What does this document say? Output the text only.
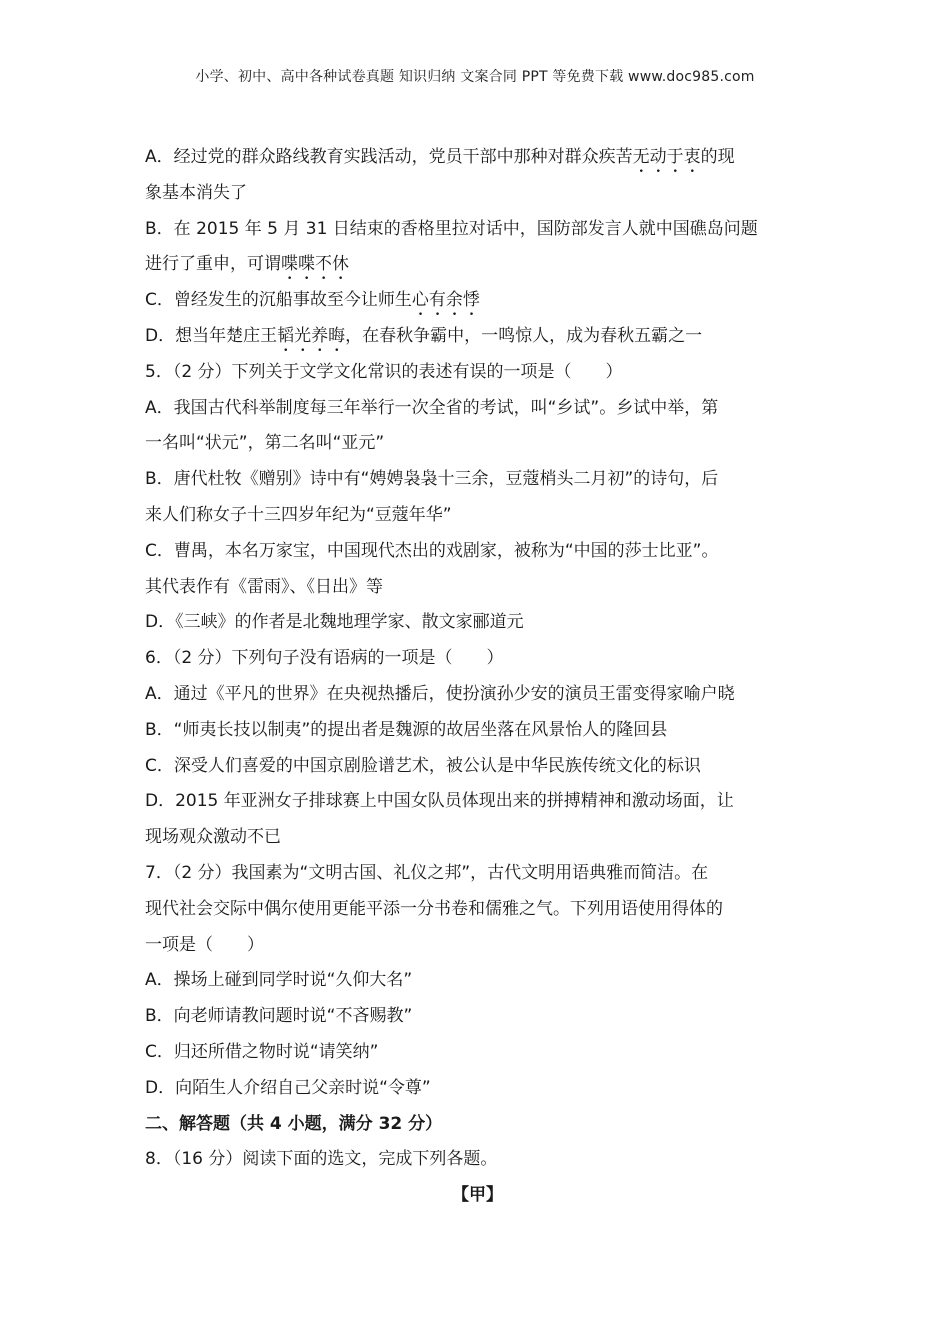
小学、初中、高中各种试卷真题 知识归纳 文案合同 PPT 等免费下载 www.doc985.com
A．经过党的群众路线教育实践活动，党员干部中那种对群众疾苦无动于衷的现
象基本消失了
B．在 2015 年 5 月 31 日结束的香格里拉对话中，国防部发言人就中国礁岛问题
进行了重申，可谓喋喋不休
C．曾经发生的沉船事故至今让师生心有余悸
D．想当年楚庄王韬光养晦，在春秋争霸中，一鸣惊人，成为春秋五霸之一
5．（2 分）下列关于文学文化常识的表述有误的一项是（　　）
A．我国古代科举制度每三年举行一次全省的考试，叫“乡试”。乡试中举，第
一名叫“状元”，第二名叫“亚元”
B．唐代杜牧《赠别》诗中有“娉娉袅袅十三余，豆蔻梢头二月初”的诗句，后
来人们称女子十三四岁年纪为“豆蔻年华”
C．曹禺，本名万家宝，中国现代杰出的戏剧家，被称为“中国的莎士比亚”。
其代表作有《雷雨》、《日出》等
D．《三峡》的作者是北魏地理学家、散文家郦道元
6．（2 分）下列句子没有语病的一项是（　　）
A．通过《平凡的世界》在央视热播后，使扮演孙少安的演员王雷变得家喻户晓
B．“师夷长技以制夷”的提出者是魏源的故居坐落在风景怡人的隆回县
C．深受人们喜爱的中国京剧脸谱艺术，被公认是中华民族传统文化的标识
D．2015 年亚洲女子排球赛上中国女队员体现出来的拼搏精神和激动场面，让
现场观众激动不已
7．（2 分）我国素为“文明古国、礼仪之邦”，古代文明用语典雅而简洁。在
现代社会交际中偶尔使用更能平添一分书卷和儒雅之气。下列用语使用得体的
一项是（　　）
A．操场上碰到同学时说“久仰大名”
B．向老师请教问题时说“不吝赐教”
C．归还所借之物时说“请笑纳”
D．向陌生人介绍自己父亲时说“令尊”
二、解答题（共 4 小题，满分 32 分）
8．（16 分）阅读下面的选文，完成下列各题。
【甲】
